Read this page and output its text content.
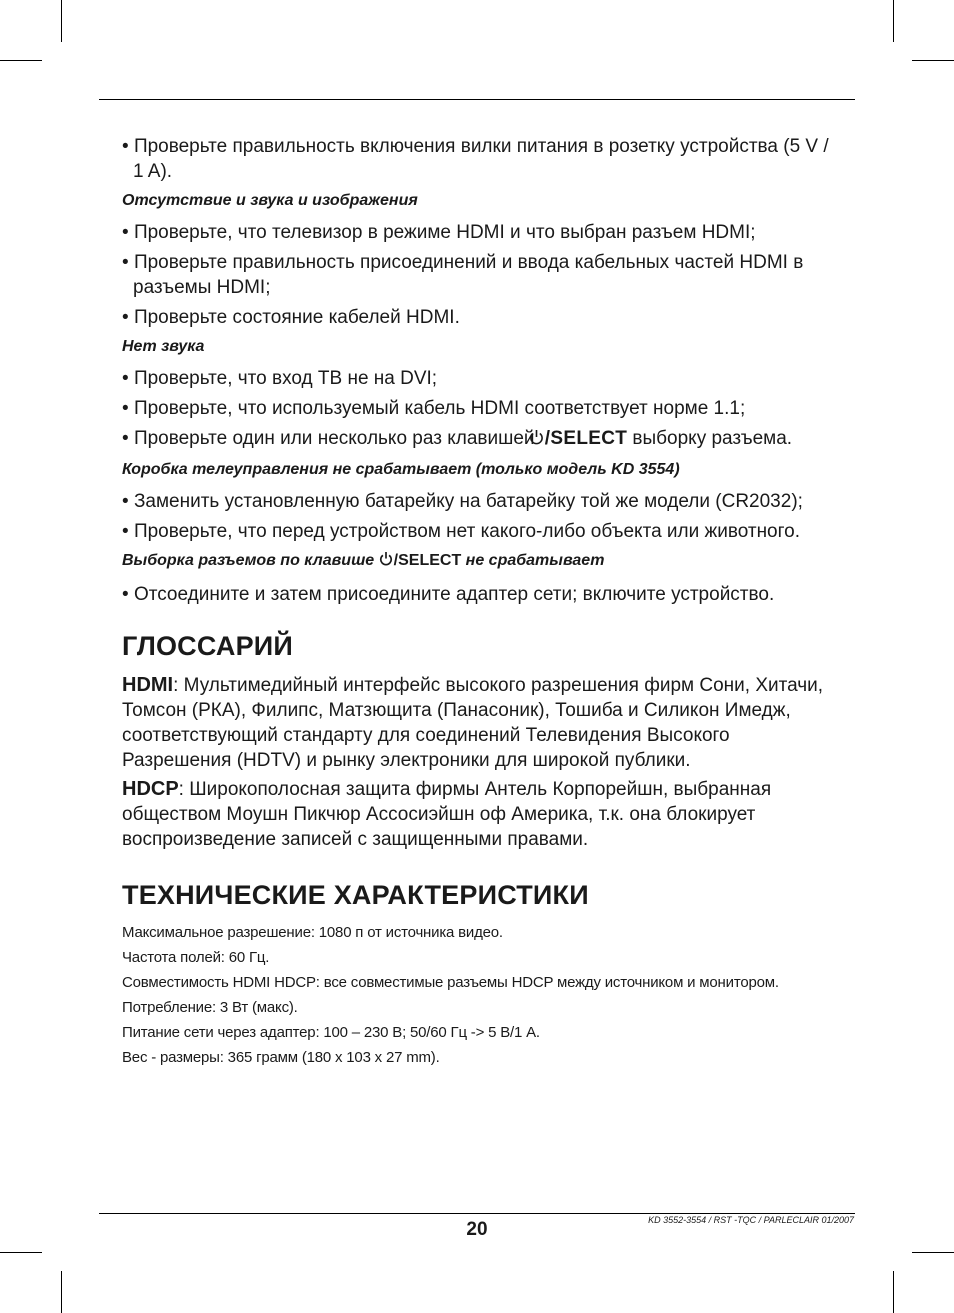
• Проверьте правильность включения вилки питания в розетку устройства (5 V / 1 A).

Отсутствие и звука и изображения

• Проверьте, что телевизор в режиме HDMI и что выбран разъем HDMI;

• Проверьте правильность присоединений и ввода кабельных частей HDMI в разъемы HDMI;

• Проверьте состояние кабелей HDMI.

Нет звука

• Проверьте, что вход ТВ не на DVI;

• Проверьте, что используемый кабель HDMI соответствует норме 1.1;

• Проверьте один или несколько раз клавишей /SELECT выборку разъема.

Коробка телеуправления не срабатывает (только модель KD 3554)

• Заменить установленную батарейку на батарейку той же модели (CR2032);

• Проверьте, что перед устройством нет какого-либо объекта или животного.

Выборка разъемов по клавише /SELECT не срабатывает

• Отсоедините и затем присоедините адаптер сети; включите устройство.

ГЛОССАРИЙ

HDMI: Мультимедийный интерфейс высокого разрешения фирм Сони, Хитачи, Томсон (РКА), Филипс, Матзющита (Панасоник), Тошиба и Силикон Имедж, соответствующий стандарту для соединений Телевидения Высокого Разрешения (HDTV) и рынку электроники для широкой публики.

HDCP: Широкополосная защита фирмы Антель Корпорейшн, выбранная обществом Моушн Пикчюр Ассосиэйшн оф Америка, т.к. она блокирует воспроизведение записей с защищенными правами.

ТЕХНИЧЕСКИЕ ХАРАКТЕРИСТИКИ

Максимальное разрешение: 1080 п от источника видео.

Частота полей: 60 Гц.

Совместимость HDMI HDCP: все совместимые разъемы HDCP между источником и монитором.

Потребление: 3 Вт (макс).

Питание сети через адаптер: 100 – 230 В; 50/60 Гц -> 5 В/1 А.

Вес - размеры: 365 грамм (180 x 103 x 27 mm).

20	KD 3552-3554 / RST -TQC / PARLECLAIR 01/2007
